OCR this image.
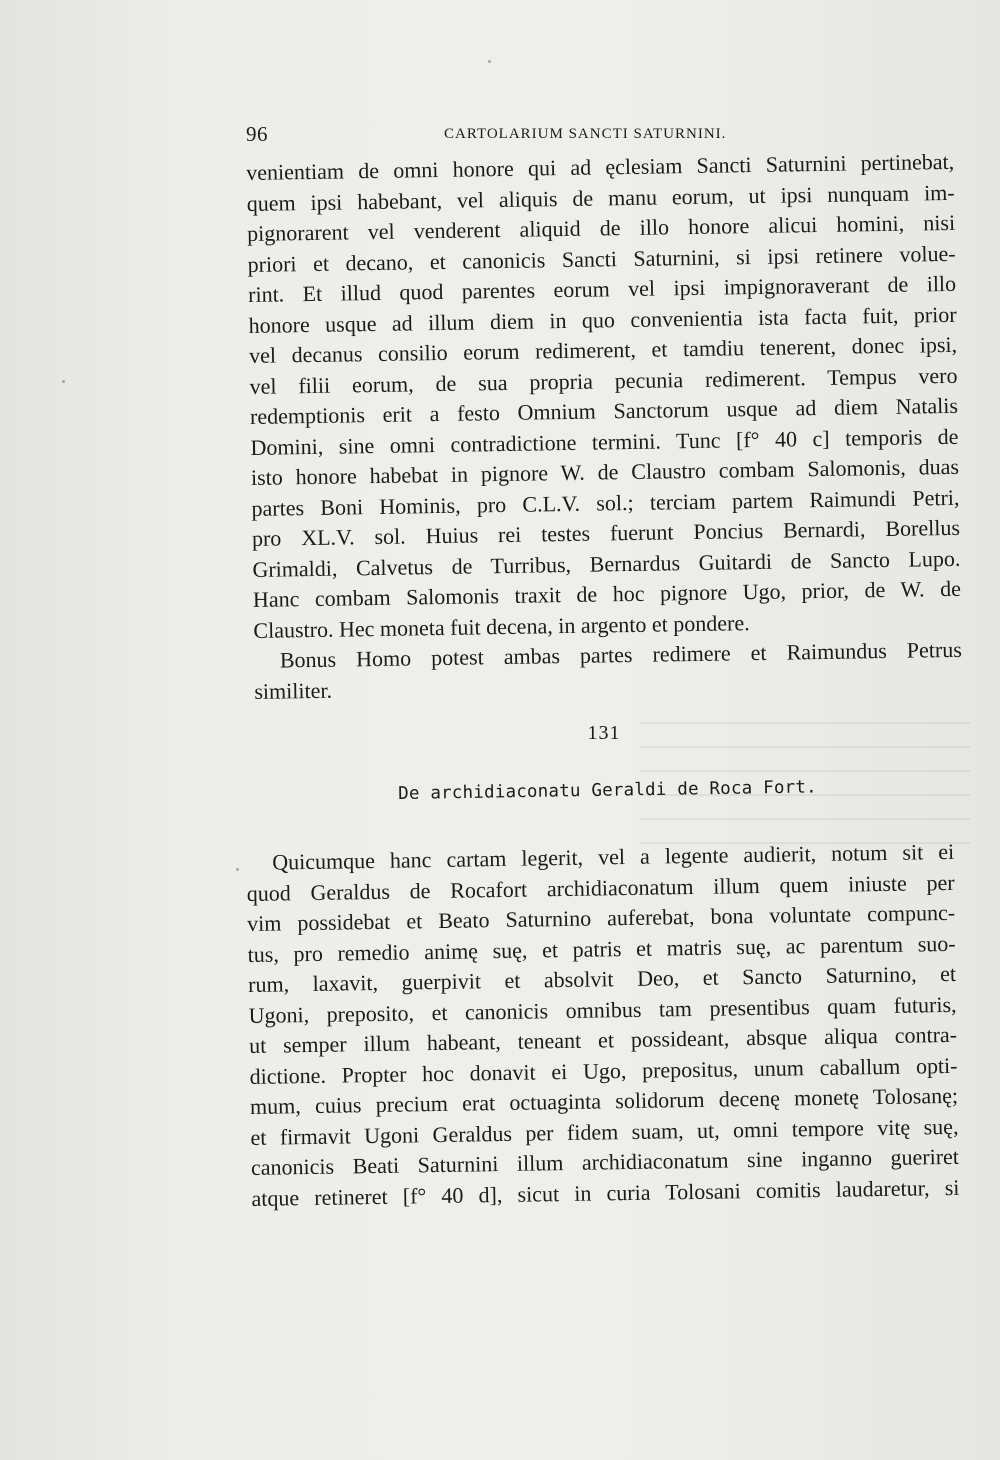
96	CARTOLARIUM SANCTI SATURNINI.
venientiam de omni honore qui ad ęclesiam Sancti Saturnini pertinebat,
quem ipsi habebant, vel aliquis de manu eorum, ut ipsi nunquam im-
pignorarent vel venderent aliquid de illo honore alicui homini, nisi
priori et decano, et canonicis Sancti Saturnini, si ipsi retinere volue-
rint. Et illud quod parentes eorum vel ipsi impignoraverant de illo
honore usque ad illum diem in quo convenientia ista facta fuit, prior
vel decanus consilio eorum redimerent, et tamdiu tenerent, donec ipsi,
vel filii eorum, de sua propria pecunia redimerent. Tempus vero
redemptionis erit a festo Omnium Sanctorum usque ad diem Natalis
Domini, sine omni contradictione termini. Tunc [f° 40 c] temporis de
isto honore habebat in pignore W. de Claustro combam Salomonis, duas
partes Boni Hominis, pro C.L.V. sol.; terciam partem Raimundi Petri,
pro XL.V. sol. Huius rei testes fuerunt Poncius Bernardi, Borellus
Grimaldi, Calvetus de Turribus, Bernardus Guitardi de Sancto Lupo.
Hanc combam Salomonis traxit de hoc pignore Ugo, prior, de W. de
Claustro. Hec moneta fuit decena, in argento et pondere.
Bonus Homo potest ambas partes redimere et Raimundus Petrus
similiter.
131
De archidiaconatu Geraldi de Roca Fort.
Quicumque hanc cartam legerit, vel a legente audierit, notum sit ei
quod Geraldus de Rocafort archidiaconatum illum quem iniuste per
vim possidebat et Beato Saturnino auferebat, bona voluntate compunc-
tus, pro remedio animę suę, et patris et matris suę, ac parentum suo-
rum, laxavit, guerpivit et absolvit Deo, et Sancto Saturnino, et
Ugoni, preposito, et canonicis omnibus tam presentibus quam futuris,
ut semper illum habeant, teneant et possideant, absque aliqua contra-
dictione. Propter hoc donavit ei Ugo, prepositus, unum caballum opti-
mum, cuius precium erat octuaginta solidorum decenę monetę Tolosanę;
et firmavit Ugoni Geraldus per fidem suam, ut, omni tempore vitę suę,
canonicis Beati Saturnini illum archidiaconatum sine inganno gueriret
atque retineret [f° 40 d], sicut in curia Tolosani comitis laudaretur, si
